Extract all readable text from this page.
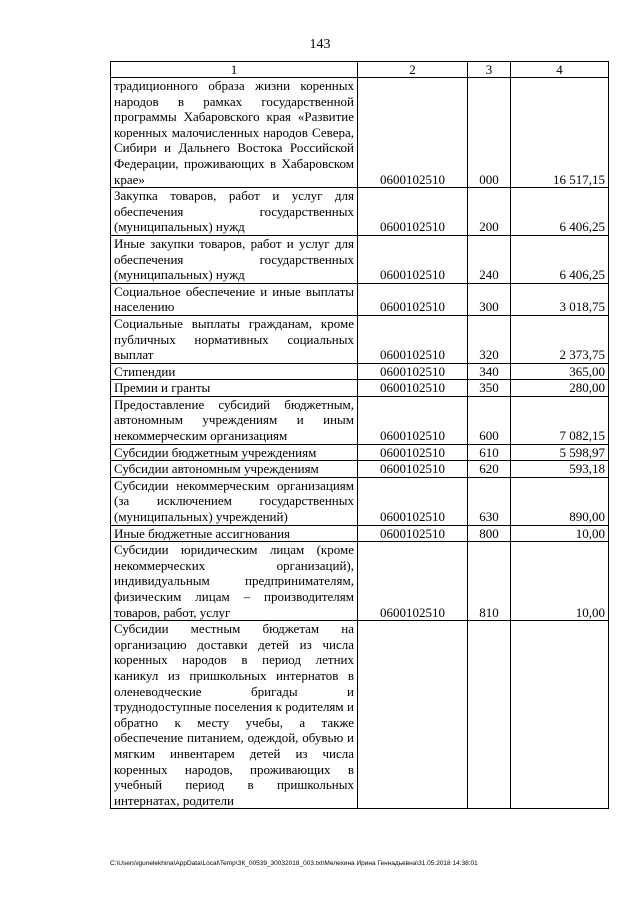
143
1	2	3	4
традиционного образа жизни коренных народов в рамках государственной программы Хабаровского края «Развитие коренных малочисленных народов Севера, Сибири и Дальнего Востока Российской Федерации, проживающих в Хабаровском крае»	0600102510	000	16 517,15
Закупка товаров, работ и услуг для обеспечения государственных (муниципальных) нужд	0600102510	200	6 406,25
Иные закупки товаров, работ и услуг для обеспечения государственных (муниципальных) нужд	0600102510	240	6 406,25
Социальное обеспечение и иные выплаты населению	0600102510	300	3 018,75
Социальные выплаты гражданам, кроме публичных нормативных социальных выплат	0600102510	320	2 373,75
Стипендии	0600102510	340	365,00
Премии и гранты	0600102510	350	280,00
Предоставление субсидий бюджетным, автономным учреждениям и иным некоммерческим организациям	0600102510	600	7 082,15
Субсидии бюджетным учреждениям	0600102510	610	5 598,97
Субсидии автономным учреждениям	0600102510	620	593,18
Субсидии некоммерческим организациям (за исключением государственных (муниципальных) учреждений)	0600102510	630	890,00
Иные бюджетные ассигнования	0600102510	800	10,00
Субсидии юридическим лицам (кроме некоммерческих организаций), индивидуальным предпринимателям, физическим лицам – производителям товаров, работ, услуг	0600102510	810	10,00
Субсидии местным бюджетам на организацию доставки детей из числа коренных народов в период летних каникул из пришкольных интернатов в оленеводческие бригады и труднодоступные поселения к родителям и обратно к месту учебы, а также обеспечение питанием, одеждой, обувью и мягким инвентарем детей из числа коренных народов, проживающих в учебный период в пришкольных интернатах, родители			
C:\Users\igunelekhina\AppData\Local\Temp\ЗК_00539_30032018_003.txt\Мелехина Ирина Геннадьевна\31.05.2018 14:38:01
